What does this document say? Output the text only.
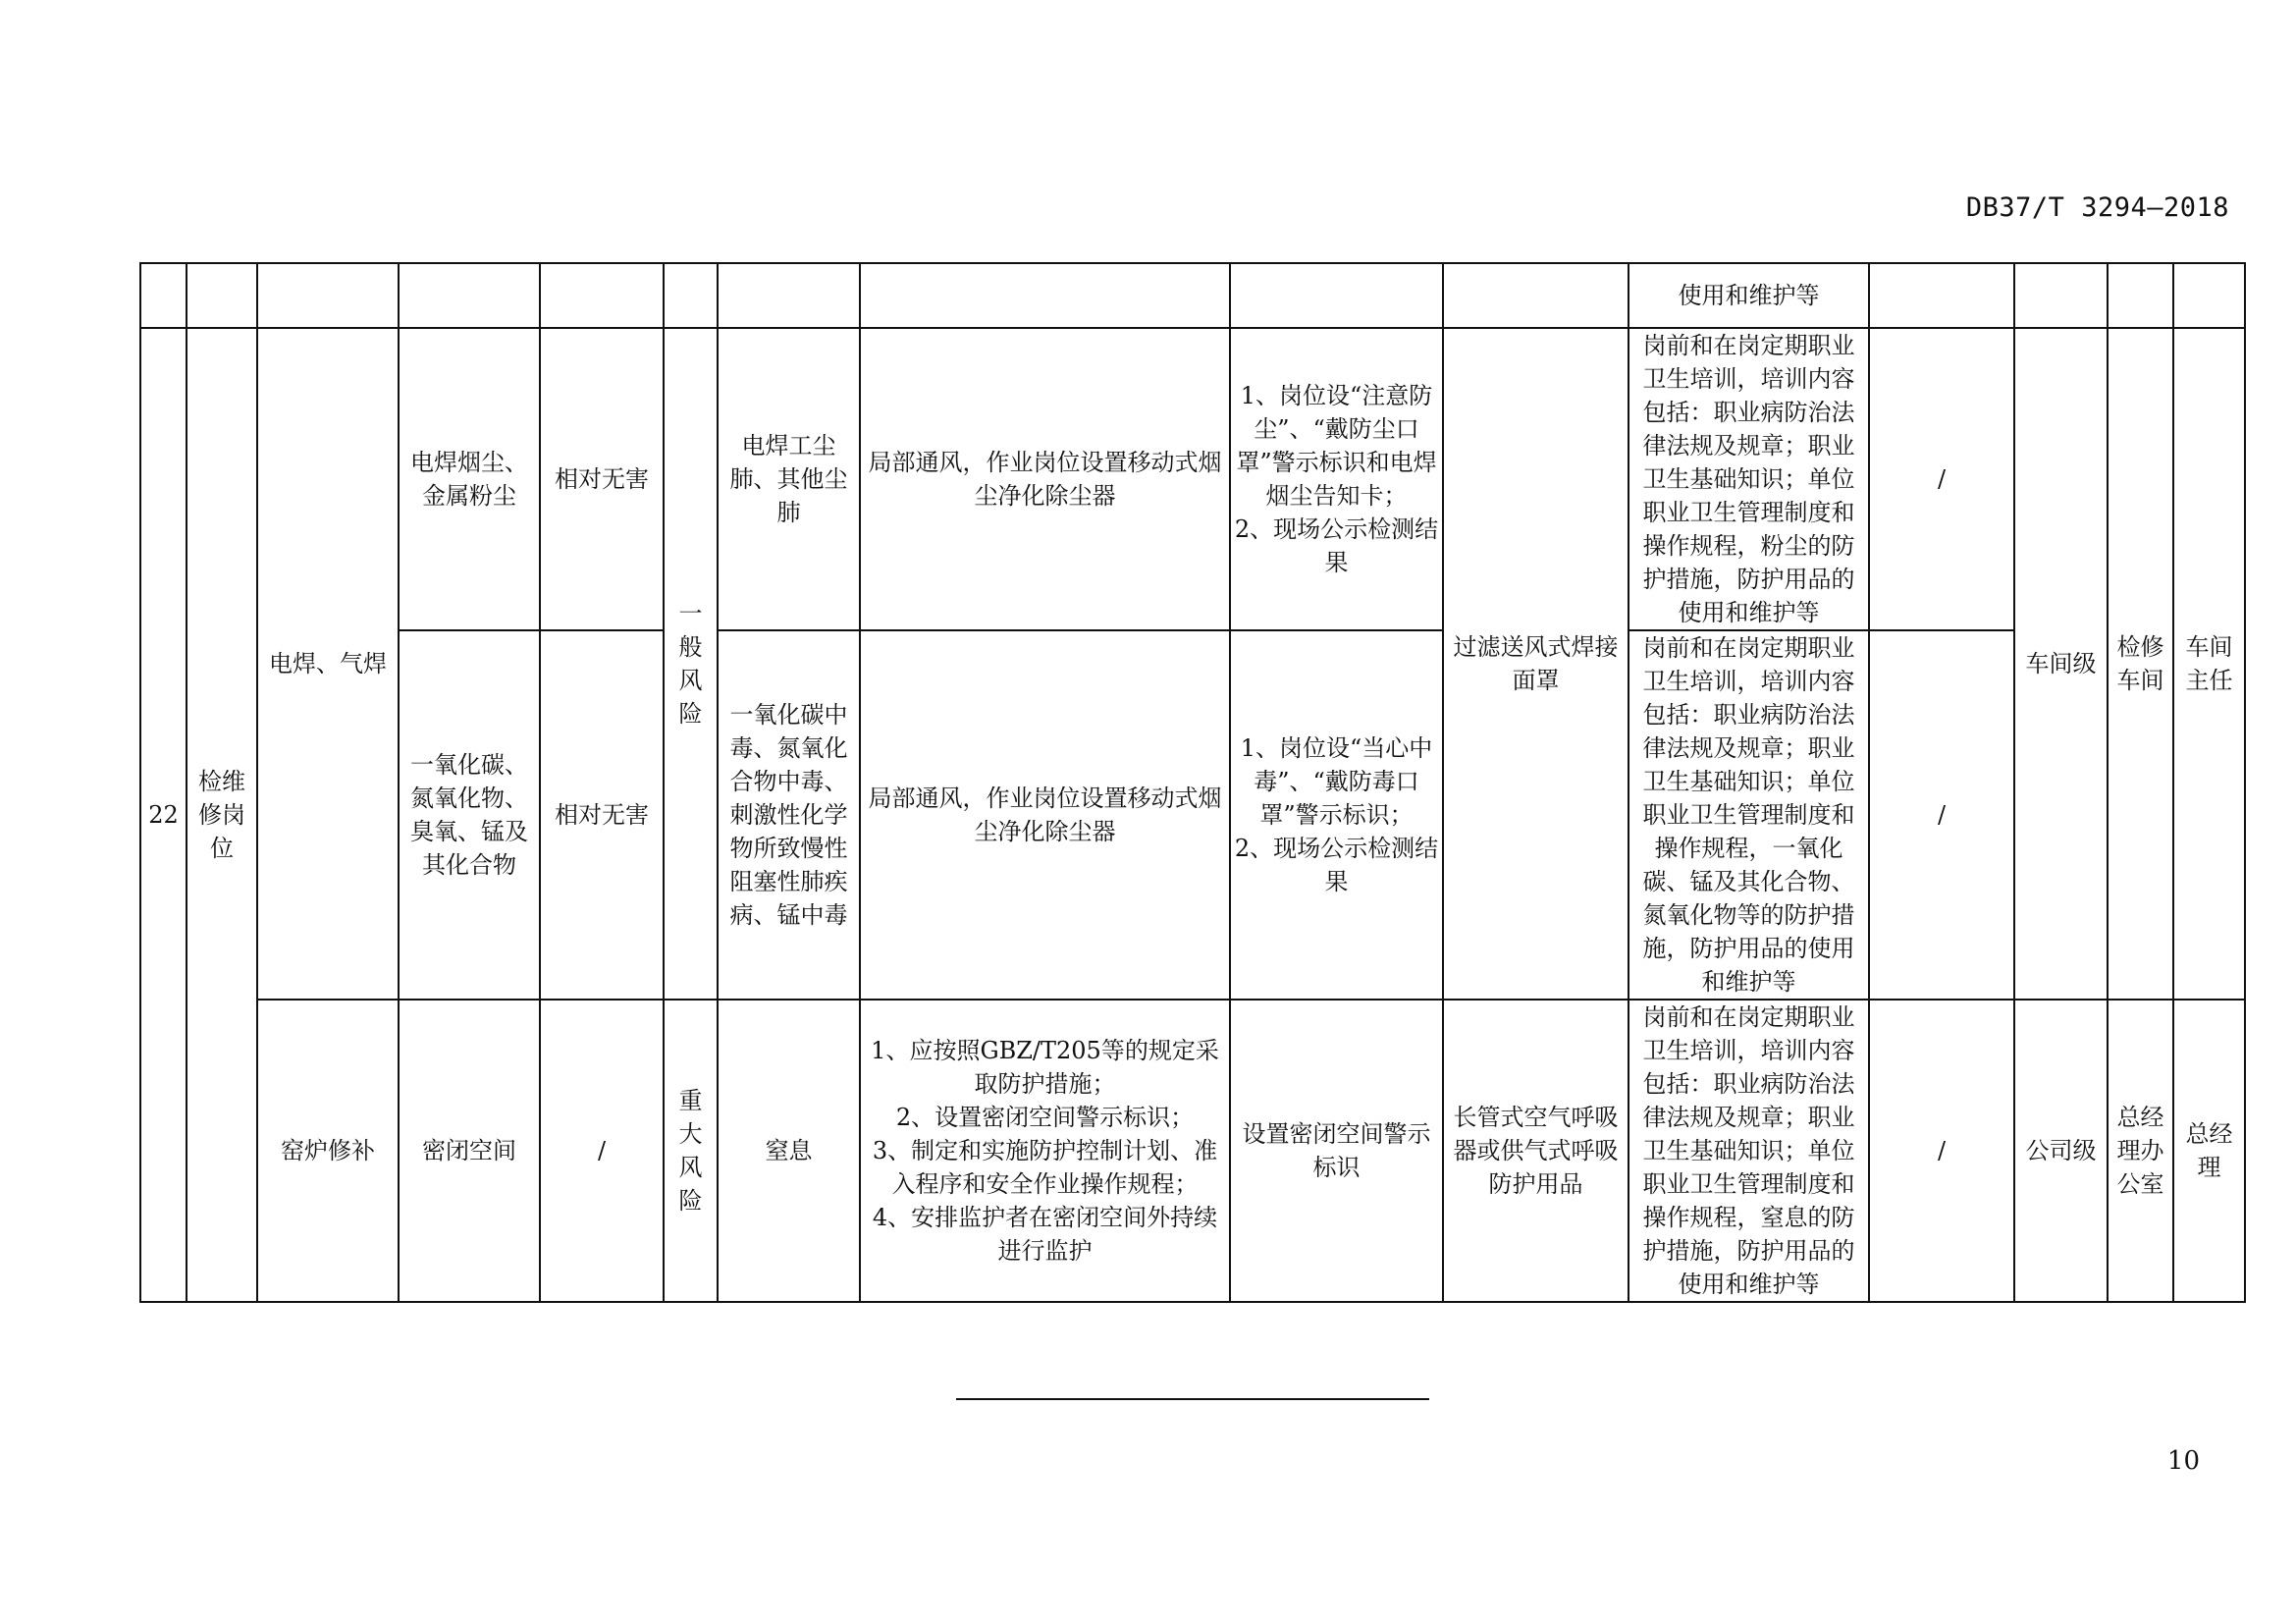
DB37/T 3294—2018
										使用和维护等				
22	检维修岗位	电焊、气焊	电焊烟尘、金属粉尘	相对无害	一般风险	电焊工尘肺、其他尘肺	局部通风，作业岗位设置移动式烟尘净化除尘器	1、岗位设“注意防尘”、“戴防尘口罩”警示标识和电焊烟尘告知卡；
2、现场公示检测结果	过滤送风式焊接面罩	岗前和在岗定期职业卫生培训，培训内容包括：职业病防治法律法规及规章；职业卫生基础知识；单位职业卫生管理制度和操作规程，粉尘的防护措施，防护用品的使用和维护等	/	车间级	检修车间	车间主任
			一氧化碳、氮氧化物、臭氧、锰及其化合物	相对无害		一氧化碳中毒、氮氧化合物中毒、刺激性化学物所致慢性阻塞性肺疾病、锰中毒	局部通风，作业岗位设置移动式烟尘净化除尘器	1、岗位设“当心中毒”、“戴防毒口罩”警示标识；
2、现场公示检测结果		岗前和在岗定期职业卫生培训，培训内容包括：职业病防治法律法规及规章；职业卫生基础知识；单位职业卫生管理制度和操作规程，一氧化碳、锰及其化合物、氮氧化物等的防护措施，防护用品的使用和维护等	/			
		窑炉修补	密闭空间	/	重大风险	窒息	1、应按照GBZ/T205等的规定采取防护措施；
2、设置密闭空间警示标识；
3、制定和实施防护控制计划、准入程序和安全作业操作规程；
4、安排监护者在密闭空间外持续进行监护	设置密闭空间警示标识	长管式空气呼吸器或供气式呼吸防护用品	岗前和在岗定期职业卫生培训，培训内容包括：职业病防治法律法规及规章；职业卫生基础知识；单位职业卫生管理制度和操作规程，窒息的防护措施，防护用品的使用和维护等	/	公司级	总经理办公室	总经理
10
